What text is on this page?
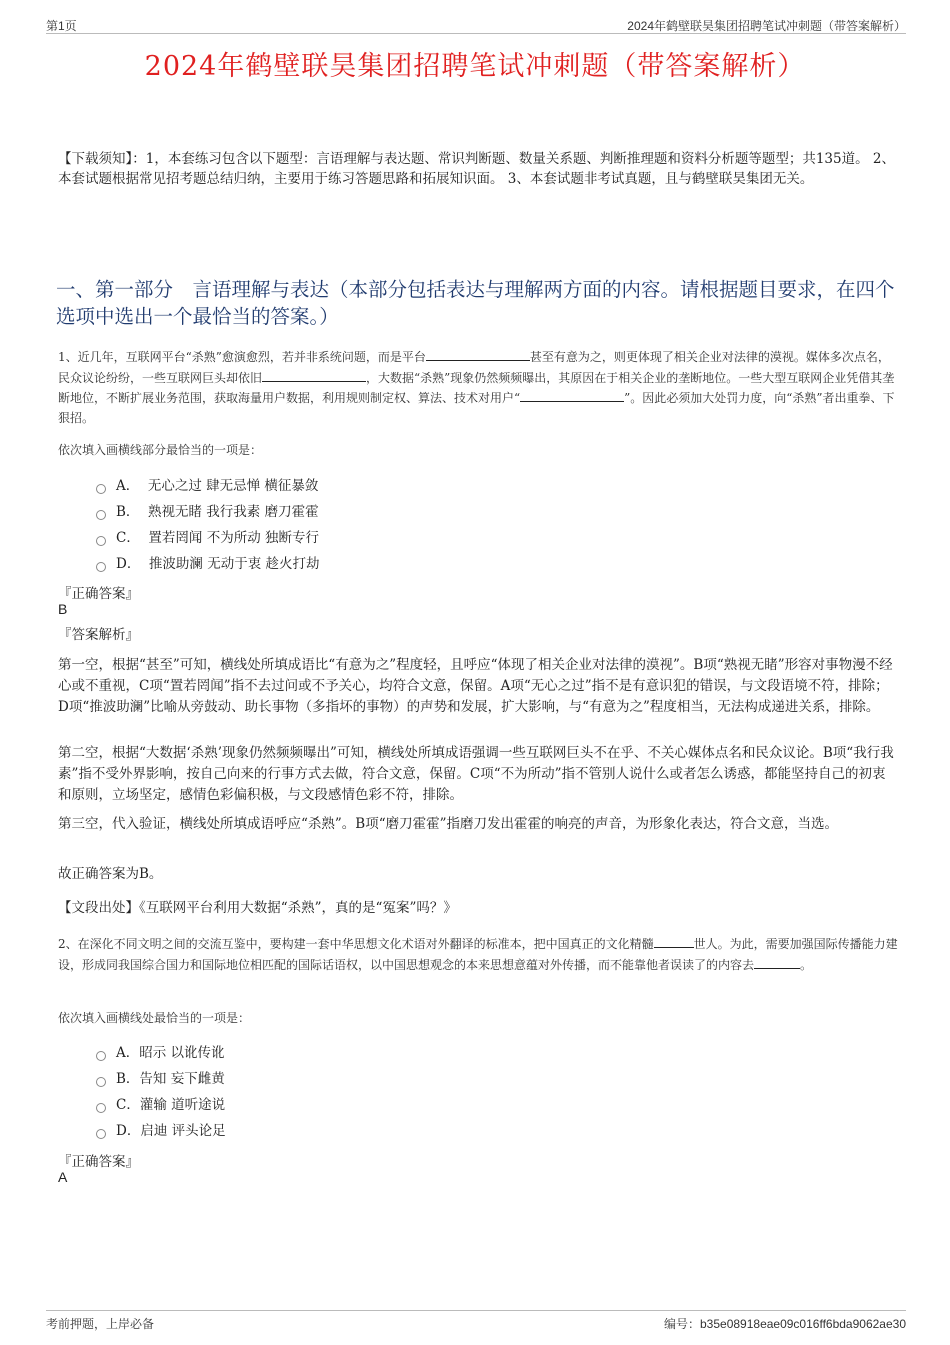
第1页	2024年鹤壁联昊集团招聘笔试冲刺题（带答案解析）
2024年鹤壁联昊集团招聘笔试冲刺题（带答案解析）
【下载须知】：1，本套练习包含以下题型：言语理解与表达题、常识判断题、数量关系题、判断推理题和资料分析题等题型；共135道。 2、本套试题根据常见招考题总结归纳，主要用于练习答题思路和拓展知识面。 3、本套试题非考试真题，且与鹤壁联昊集团无关。
一、第一部分　言语理解与表达（本部分包括表达与理解两方面的内容。请根据题目要求，在四个选项中选出一个最恰当的答案。）
1、近几年，互联网平台“杀熟”愈演愈烈，若并非系统问题，而是平台	甚至有意为之，则更体现了相关企业对法律的漠视。媒体多次点名，民众议论纷纷，一些互联网巨头却依旧	，大数据“杀熟”现象仍然频频曝出，其原因在于相关企业的垄断地位。一些大型互联网企业凭借其垄断地位，不断扩展业务范围，获取海量用户数据，利用规则制定权、算法、技术对用户“	”。因此必须加大处罚力度，向“杀熟”者出重拳、下狠招。
依次填入画横线部分最恰当的一项是：
A．  无心之过 肆无忌惮 横征暴敛
B．  熟视无睹 我行我素 磨刀霍霍
C．  置若罔闻 不为所动 独断专行
D．  推波助澜 无动于衷 趁火打劫
『正确答案』
B
『答案解析』
第一空，根据“甚至”可知，横线处所填成语比“有意为之”程度轻，且呼应“体现了相关企业对法律的漠视”。B项“熟视无睹”形容对事物漫不经心或不重视，C项“置若罔闻”指不去过问或不予关心，均符合文意，保留。A项“无心之过”指不是有意识犯的错误，与文段语境不符，排除；D项“推波助澜”比喻从旁鼓动、助长事物（多指坏的事物）的声势和发展，扩大影响，与“有意为之”程度相当，无法构成递进关系，排除。
第二空，根据“大数据‘杀熟’现象仍然频频曝出”可知，横线处所填成语强调一些互联网巨头不在乎、不关心媒体点名和民众议论。B项“我行我素”指不受外界影响，按自己向来的行事方式去做，符合文意，保留。C项“不为所动”指不管别人说什么或者怎么诱惑，都能坚持自己的初衷和原则，立场坚定，感情色彩偏积极，与文段感情色彩不符，排除。
第三空，代入验证，横线处所填成语呼应“杀熟”。B项“磨刀霍霍”指磨刀发出霍霍的响亮的声音，为形象化表达，符合文意，当选。
故正确答案为B。
【文段出处】《互联网平台利用大数据“杀熟”，真的是“冤案”吗？》
2、在深化不同文明之间的交流互鉴中，要构建一套中华思想文化术语对外翻译的标准本，把中国真正的文化精髓	世人。为此，需要加强国际传播能力建设，形成同我国综合国力和国际地位相匹配的国际话语权，以中国思想观念的本来思想意蕴对外传播，而不能靠他者误读了的内容去	。
依次填入画横线处最恰当的一项是：
A．昭示 以讹传讹
B．告知 妄下雌黄
C．灌输 道听途说
D．启迪 评头论足
『正确答案』
A
考前押题，上岸必备	编号：b35e08918eae09c016ff6bda9062ae30
